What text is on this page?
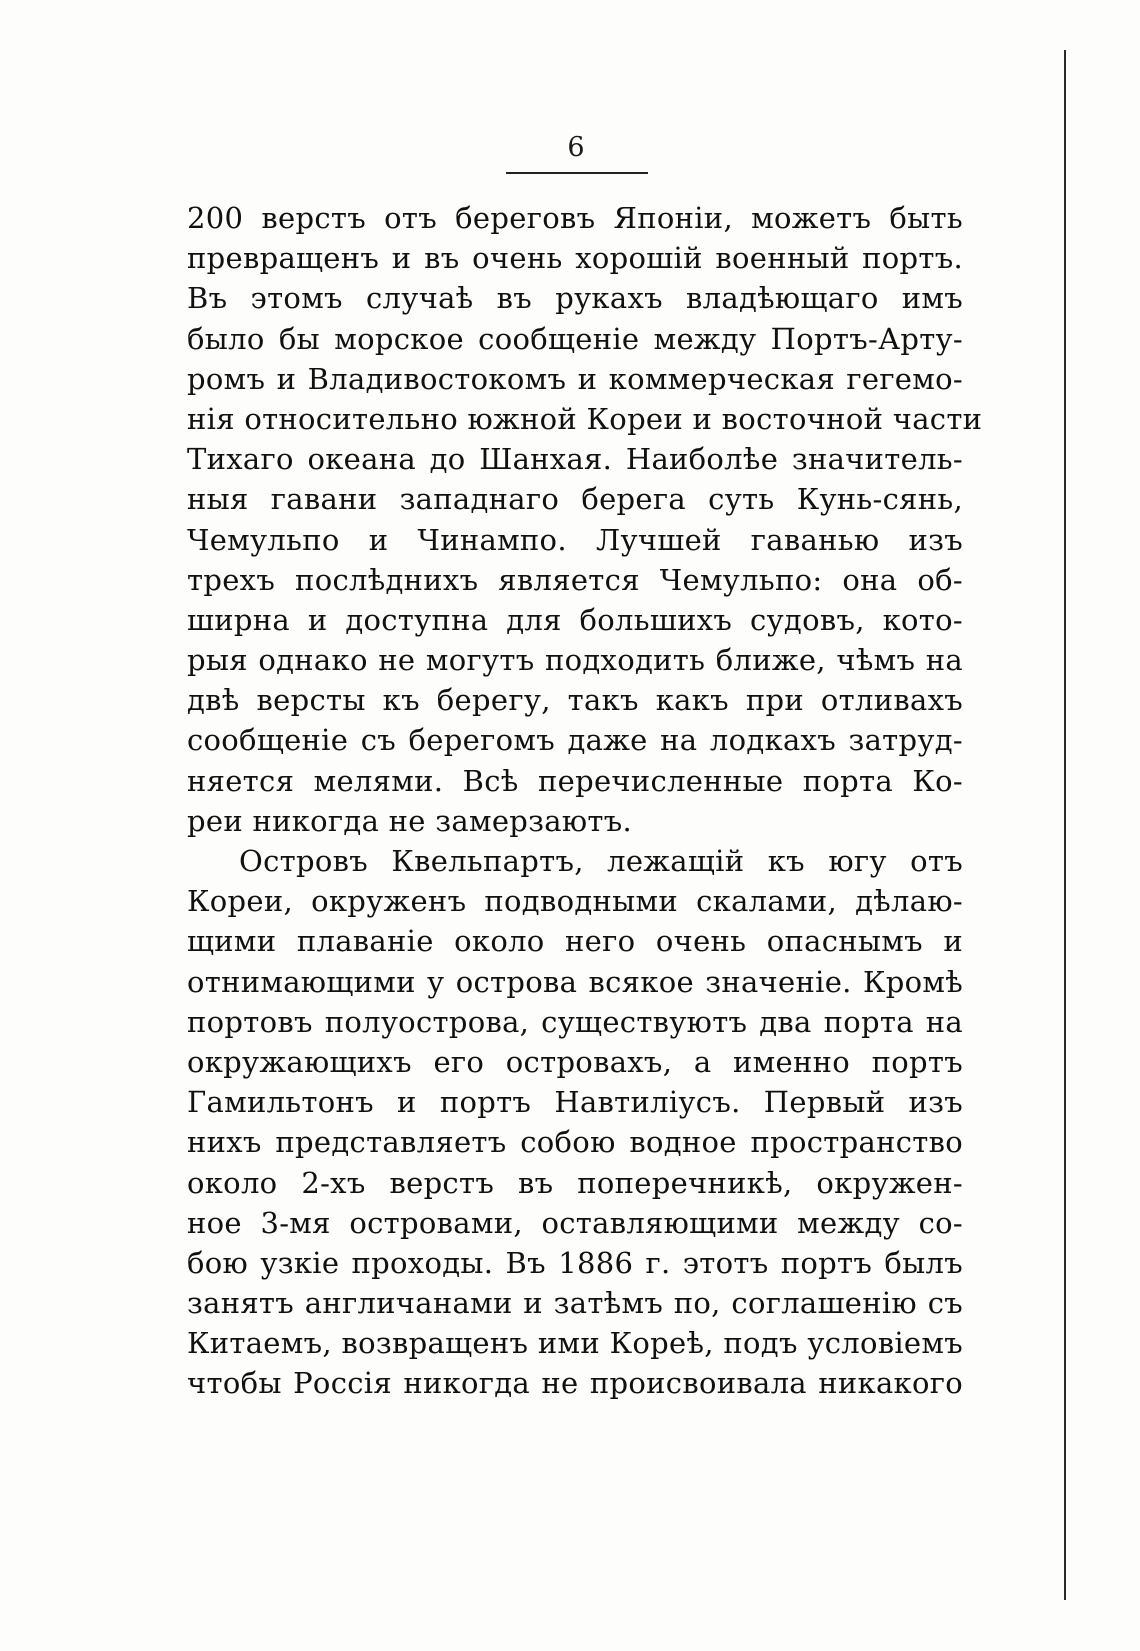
6
200 верстъ отъ береговъ Японіи, можетъ быть
превращенъ и въ очень хорошій военный портъ.
Въ этомъ случаѣ въ рукахъ владѣющаго имъ
было бы морское сообщеніе между Портъ-Арту-
ромъ и Владивостокомъ и коммерческая гегемо-
нія относительно южной Кореи и восточной части
Тихаго океана до Шанхая. Наиболѣе значитель-
ныя гавани западнаго берега суть Кунь-сянь,
Чемульпо и Чинампо. Лучшей гаванью изъ
трехъ послѣднихъ является Чемульпо: она об-
ширна и доступна для большихъ судовъ, кото-
рыя однако не могутъ подходить ближе, чѣмъ на
двѣ версты къ берегу, такъ какъ при отливахъ
сообщеніе съ берегомъ даже на лодкахъ затруд-
няется мелями. Всѣ перечисленные порта Ко-
реи никогда не замерзаютъ.
Островъ Квельпартъ, лежащій къ югу отъ
Кореи, окруженъ подводными скалами, дѣлаю-
щими плаваніе около него очень опаснымъ и
отнимающими у острова всякое значеніе. Кромѣ
портовъ полуострова, существуютъ два порта на
окружающихъ его островахъ, а именно портъ
Гамильтонъ и портъ Навтиліусъ. Первый изъ
нихъ представляетъ собою водное пространство
около 2-хъ верстъ въ поперечникѣ, окружен-
ное 3-мя островами, оставляющими между со-
бою узкіе проходы. Въ 1886 г. этотъ портъ былъ
занятъ англичанами и затѣмъ по, соглашенію съ
Китаемъ, возвращенъ ими Кореѣ, подъ условіемъ
чтобы Россія никогда не происвоивала никакого
